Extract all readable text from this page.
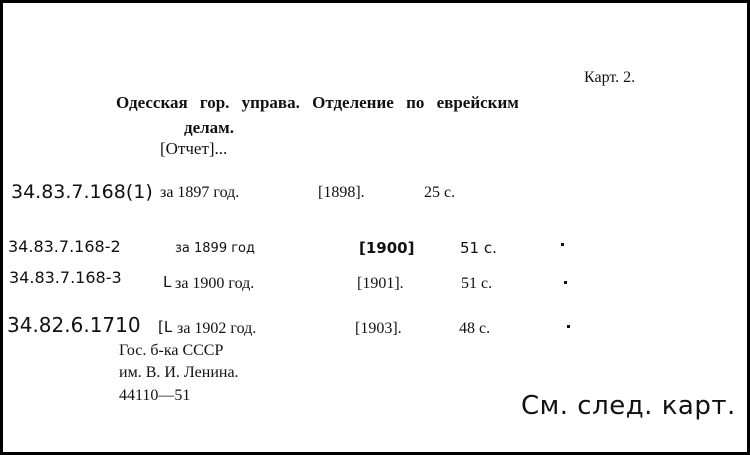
Карт. 2.
Одесская гор. управа. Отделение по еврейским
делам.
[Отчет]...
34.83.7.168(1) за 1897 год.	[1898].	25 с.
34.83.7.168-2	за 1899 год	[1900]	51 с.
34.83.7.168-3	L за 1900 год.	[1901].	51 с.
34.82.6.1710 [L за 1902 год.	[1903].	48 с.
Гос. б-ка СССР
им. В. И. Ленина.
44110—51	См. след. карт.
